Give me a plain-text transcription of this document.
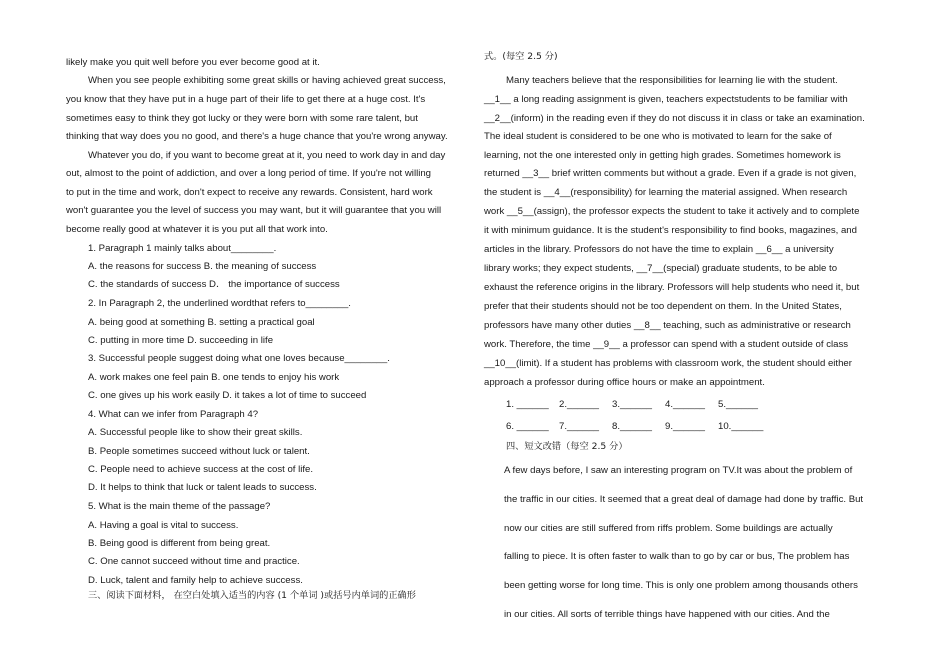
likely make you quit well before you ever become good at it.
When you see people exhibiting some great skills or having achieved great success,
you know that they have put in a huge part of their life to get there at a huge cost. It's
sometimes easy to think they got lucky or they were born with some rare talent, but
thinking that way does you no good, and there's a huge chance that you're wrong anyway.
Whatever you do, if you want to become great at it, you need to work day in and day
out, almost to the point of addiction, and over a long period of time. If you're not willing
to put in the time and work, don't expect to receive any rewards. Consistent, hard work
won't guarantee you the level of success you may want, but it will guarantee that you will
become really good at whatever it is you put all that work into.
1. Paragraph 1 mainly talks about________.
A. the reasons for success B. the meaning of success
C. the standards of success D． the importance of success
2. In Paragraph 2, the underlined wordthat refers to________.
A. being good at something B. setting a practical goal
C. putting in more time D. succeeding in life
3. Successful people suggest doing what one loves because________.
A. work makes one feel pain B. one tends to enjoy his work
C. one gives up his work easily D. it takes a lot of time to succeed
4. What can we infer from Paragraph 4?
A. Successful people like to show their great skills.
B. People sometimes succeed without luck or talent.
C. People need to achieve success at the cost of life.
D. It helps to think that luck or talent leads to success.
5. What is the main theme of the passage?
A. Having a goal is vital to success.
B. Being good is different from being great.
C. One cannot succeed without time and practice.
D. Luck, talent and family help to achieve success.
三、阅读下面材料， 在空白处填入适当的内容 (1 个单词 )或括号内单词的正确形
式。(每空 2.5 分)
Many teachers believe that the responsibilities for learning lie with the student.
__1__ a long reading assignment is given, teachers expectstudents to be familiar with
__2__(inform) in the reading even if they do not discuss it in class or take an examination.
The ideal student is considered to be one who is motivated to learn for the sake of
learning, not the one interested only in getting high grades. Sometimes homework is
returned __3__ brief written comments but without a grade. Even if a grade is not given,
the student is __4__(responsibility) for learning the material assigned. When research
work __5__(assign), the professor expects the student to take it actively and to complete
it with minimum guidance. It is the student's responsibility to find books, magazines, and
articles in the library. Professors do not have the time to explain __6__ a university
library works; they expect students, __7__(special) graduate students, to be able to
exhaust the reference origins in the library. Professors will help students who need it, but
prefer that their students should not be too dependent on them. In the United States,
professors have many other duties __8__ teaching, such as administrative or research
work. Therefore, the time __9__ a professor can spend with a student outside of class
__10__(limit). If a student has problems with classroom work, the student should either
approach a professor during office hours or make an appointment.
1. ______ 2.______ 3.______ 4.______ 5.______
6. ______ 7.______ 8.______ 9.______ 10.______
四、短文改错（每空 2.5 分）
A few days before, I saw an interesting program on TV.It was about the problem of
the traffic in our cities. It seemed that a great deal of damage had done by traffic. But
now our cities are still suffered from riffs problem. Some buildings are actually
falling to piece. It is often faster to walk than to go by car or bus, The problem has
been getting worse for long time. This is only one problem among thousands others
in our cities. All sorts of terrible things have happened with our cities. And the
